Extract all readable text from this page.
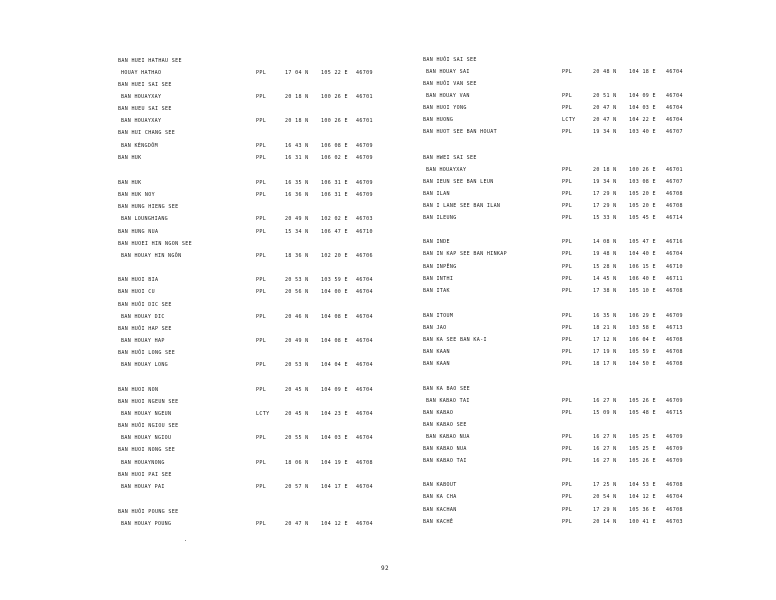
BAN HUEI HATHAU SEE
HOUAY HATHAO	PPL	17 04 N 105 22 E 46709
BAN HUEI SAI SEE
BAN HOUAYXAY	PPL	20 18 N 100 26 E 46701
BAN HUEU SAI SEE
BAN HOUAYXAY	PPL	20 18 N 100 26 E 46701
BAN HUI CHANG SEE
BAN KÈNGDÔM	PPL	16 43 N 106 08 E 46709
BAN HUK	PPL	16 31 N 106 02 E 46709
BAN HUK	PPL	16 35 N 106 31 E 46709
BAN HUK NOY	PPL	16 36 N 106 31 E 46709
BAN HUNG HIENG SEE
BAN LOUNGHIANG	PPL	20 49 N 102 02 E 46703
BAN HUNG NUA	PPL	15 34 N 106 47 E 46710
BAN HUOEI HIN NGON SEE
BAN HOUAY HIN NGÔN	PPL	18 36 N 102 20 E 46706
BAN HUOI BIA	PPL	20 53 N 103 59 E 46704
BAN HUOI CU	PPL	20 56 N 104 00 E 46704
BAN HUÔI DIC SEE
BAN HOUAY DIC	PPL	20 46 N 104 08 E 46704
BAN HUÔI HAP SEE
BAN HOUAY HAP	PPL	20 49 N 104 08 E 46704
BAN HUÔI LONG SEE
BAN HOUAY LONG	PPL	20 53 N 104 04 E 46704
BAN HUOI NON	PPL	20 45 N 104 09 E 46704
BAN HUOI NGEUN SEE
BAN HOUAY NGEUN	LCTY	20 45 N 104 23 E 46704
BAN HUÔI NGIOU SEE
BAN HOUAY NGIOU	PPL	20 55 N 104 03 E 46704
BAN HUOI NONG SEE
BAN HOUAYNONG	PPL	18 06 N 104 19 E 46708
BAN HUOI PAI SEE
BAN HOUAY PAI	PPL	20 57 N 104 17 E 46704
BAN HUÔI POUNG SEE
BAN HOUAY POUNG	PPL	20 47 N 104 12 E 46704
BAN HUÔI SAI SEE
BAN HOUAY SAI	PPL	20 48 N 104 18 E 46704
BAN HUÔI VAN SEE
BAN HOUAY VAN	PPL	20 51 N 104 09 E 46704
BAN HUOI YONG	PPL	20 47 N 104 03 E 46704
BAN HUONG	LCTY	20 47 N 104 22 E 46704
BAN HUOT SEE BAN HOUAT	PPL	19 34 N 103 40 E 46707
BAN HWEI SAI SEE
BAN HOUAYXAY	PPL	20 18 N 100 26 E 46701
BAN IEUN SEE BAN LEUN	PPL	19 34 N 103 08 E 46707
BAN ILAN	PPL	17 29 N 105 20 E 46708
BAN I LANE SEE BAN ILAN	PPL	17 29 N 105 20 E 46708
BAN ILEUNG	PPL	15 33 N 105 45 E 46714
BAN INDE	PPL	14 08 N 105 47 E 46716
BAN IN KAP SEE BAN HINKAP	PPL	19 48 N 104 40 E 46704
BAN INPÊNG	PPL	15 28 N 106 15 E 46710
BAN INTHI	PPL	14 45 N 106 40 E 46711
BAN ITAK	PPL	17 38 N 105 10 E 46708
BAN ITOUM	PPL	16 35 N 106 29 E 46709
BAN JAO	PPL	18 21 N 103 58 E 46713
BAN KA SEE BAN KA-I	PPL	17 12 N 106 04 E 46708
BAN KAAN	PPL	17 19 N 105 59 E 46708
BAN KAAN	PPL	18 17 N 104 50 E 46708
BAN KA BAO SEE
BAN KABAO TAI	PPL	16 27 N 105 26 E 46709
BAN KABAO	PPL	15 09 N 105 48 E 46715
BAN KABAO SEE
BAN KABAO NUA	PPL	16 27 N 105 25 E 46709
BAN KABAO NUA	PPL	16 27 N 105 25 E 46709
BAN KABAO TAI	PPL	16 27 N 105 26 E 46709
BAN KABOUT	PPL	17 25 N 104 53 E 46708
BAN KA CHA	PPL	20 54 N 104 12 E 46704
BAN KACHAN	PPL	17 29 N 105 36 E 46708
BAN KACHÊ	PPL	20 14 N 100 41 E 46703
92
